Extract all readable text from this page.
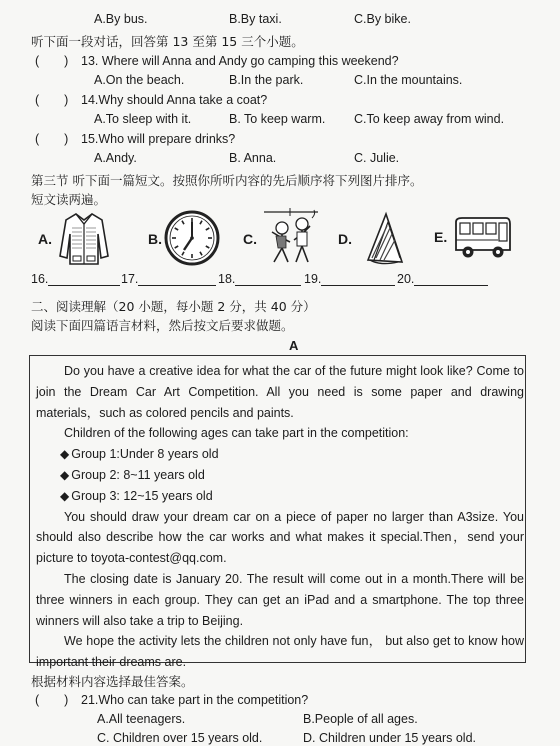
A.By bus.	B.By taxi.	C.By bike.
听下面一段对话，回答第 13 至第 15 三个小题。
(　　) 13. Where will Anna and Andy go camping this weekend?
A.On the beach.	B.In the park.	C.In the mountains.
(　　) 14.Why should Anna take a coat?
A.To sleep with it.	B. To keep warm. C.To keep away from wind.
(　　) 15.Who will prepare drinks?
A.Andy.	B. Anna.	C. Julie.
第三节 听下面一篇短文。按照你所听内容的先后顺序将下列图片排序。
短文读两遍。
A.	B.	C.	D.	E.
16.	17.	18.	19.	20.
二、阅读理解（20 小题，每小题 2 分，共 40 分）
阅读下面四篇语言材料，然后按文后要求做题。
A

Do you have a creative idea for what the car of the future might look like? Come to join the Dream Car Art Competition. All you need is some paper and drawing materials，such as colored pencils and paints.

Children of the following ages can take part in the competition:

◆ Group 1:Under 8 years old

◆ Group 2: 8~11 years old

◆ Group 3: 12~15 years old

You should draw your dream car on a piece of paper no larger than A3size. You should also describe how the car works and what makes it special.Then，send your picture to toyota-contest@qq.com.

The closing date is January 20. The result will come out in a month.There will be three winners in each group. They can get an iPad and a smartphone. The top three winners will also take a trip to Beijing.

We hope the activity lets the children not only have fun， but also get to know how important their dreams are.

根据材料内容选择最佳答案。
(　　) 21.Who can take part in the competition?
A.All teenagers.	B.People of all ages.
C. Children over 15 years old.	D. Children under 15 years old.
